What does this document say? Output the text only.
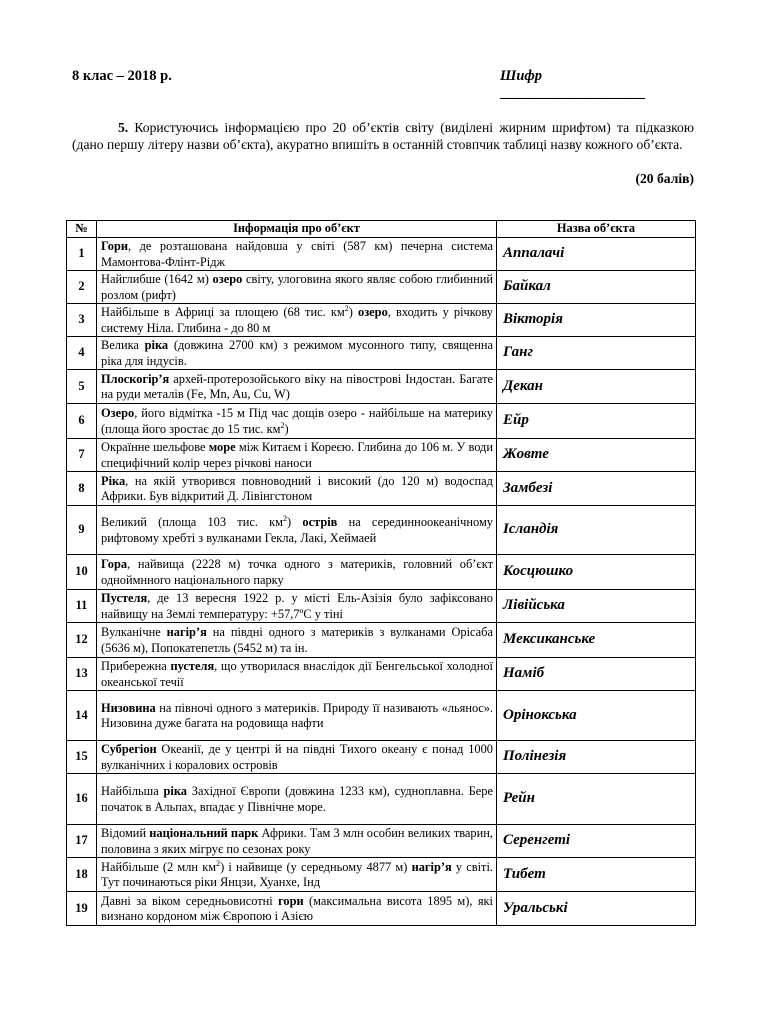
8 клас – 2018 р.	Шифр ____________________
5. Користуючись інформацією про 20 об’єктів світу (виділені жирним шрифтом) та підказкою (дано першу літеру назви об’єкта), акуратно впишіть в останній стовпчик таблиці назву кожного об’єкта.
(20 балів)
№	Інформація про об’єкт	Назва об’єкта
1	Гори, де розташована найдовша у світі (587 км) печерна система Мамонтова-Флінт-Рідж	Аппалачі
2	Найглибше (1642 м) озеро світу, улоговина якого являє собою глибинний розлом (рифт)	Байкал
3	Найбільше в Африці за площею (68 тис. $км^2$) озеро, входить у річкову систему Ніла. Глибина - до 80 м	Вікторія
4	Велика ріка (довжина 2700 км) з режимом мусонного типу, священна ріка для індусів.	Ганг
5	Плоскогір’я архей-протерозойського віку на півострові Індостан. Багате на руди металів (Fe, Mn, Au, Cu, W)	Декан
6	Озеро, його відмітка -15 м Під час дощів озеро - найбільше на материку (площа його зростає до 15 тис. $км^2$)	Ейр
7	Окраїнне шельфове море між Китаєм і Кореєю. Глибина до 106 м. У води специфічний колір через річкові наноси	Жовте
8	Ріка, на якій утворився повноводний і високий (до 120 м) водоспад Африки. Був відкритий Д. Лівінгстоном	Замбезі
9	Великий (площа 103 тис. $км^2$) острів на серединноокеанічному рифтовому хребті з вулканами Гекла, Лакі, Хеймаей	Ісландія
10	Гора, найвища (2228 м) точка одного з материків, головний об’єкт одноймнного національного парку	Косцюшко
11	Пустеля, де 13 вересня 1922 р. у місті Ель-Азізія було зафіксовано найвищу на Землі температуру: +57,7ºС у тіні	Лівійська
12	Вулканічне нагір’я на півдні одного з материків з вулканами Орісаба (5636 м), Попокатепетль (5452 м) та ін.	Мексиканське
13	Прибережна пустеля, що утворилася внаслідок дії Бенгельської холодної океанської течії	Наміб
14	Низовина на півночі одного з материків. Природу її називають «льяноc». Низовина дуже багата на родовища нафти	Орінокська
15	Субрегіон Океанії, де у центрі й на півдні Тихого океану є понад 1000 вулканічних і коралових островів	Полінезія
16	Найбільша ріка Західної Європи (довжина 1233 км), судноплавна. Бере початок в Альпах, впадає у Північне море.	Рейн
17	Відомий національний парк Африки. Там 3 млн особин великих тварин, половина з яких мігрує по сезонах року	Серенгеті
18	Найбільше (2 млн $км^2$) і найвище (у середньому 4877 м) нагір’я у світі. Тут починаються ріки Янцзи, Хуанхе, Інд	Тибет
19	Давні за віком середньовисотні гори (максимальна висота 1895 м), які визнано кордоном між Європою і Азією	Уральські
